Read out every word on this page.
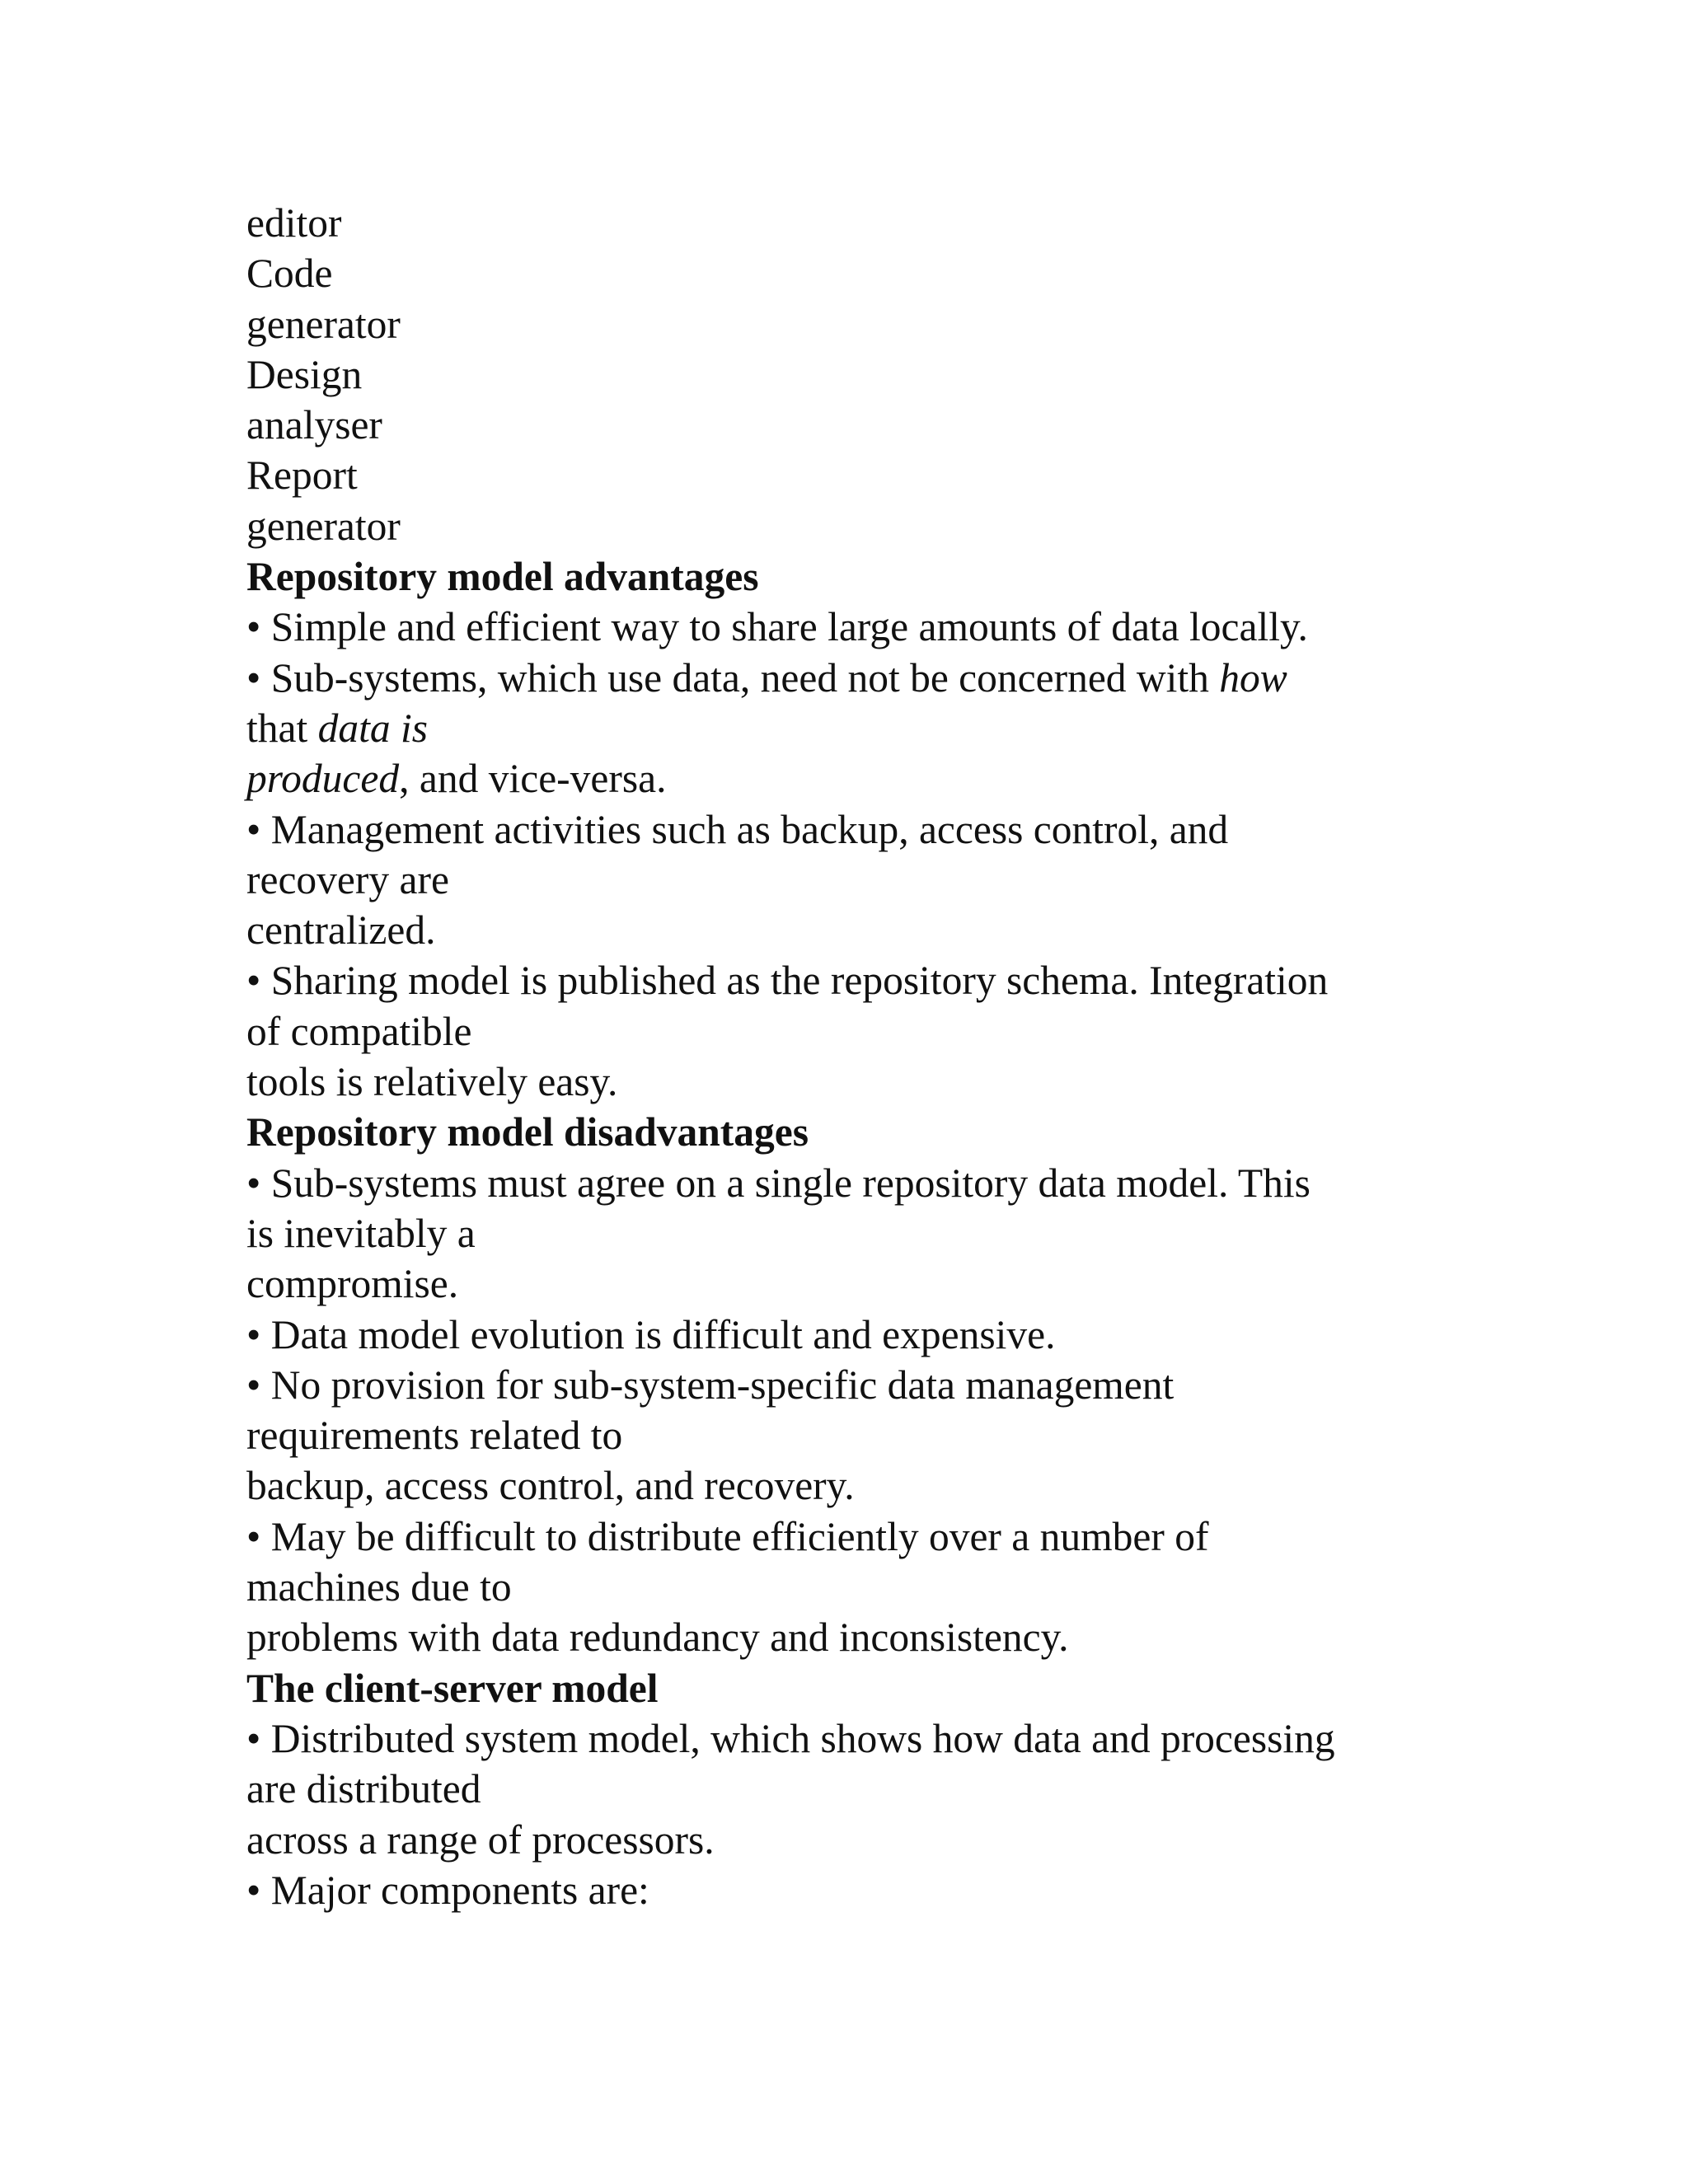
editor
Code
generator
Design
analyser
Report
generator
Repository model advantages
• Simple and efficient way to share large amounts of data locally.
• Sub-systems, which use data, need not be concerned with how
that data is
produced, and vice-versa.
• Management activities such as backup, access control, and
recovery are
centralized.
• Sharing model is published as the repository schema. Integration
of compatible
tools is relatively easy.
Repository model disadvantages
• Sub-systems must agree on a single repository data model. This
is inevitably a
compromise.
• Data model evolution is difficult and expensive.
• No provision for sub-system-specific data management
requirements related to
backup, access control, and recovery.
• May be difficult to distribute efficiently over a number of
machines due to
problems with data redundancy and inconsistency.
The client-server model
• Distributed system model, which shows how data and processing
are distributed
across a range of processors.
• Major components are:
